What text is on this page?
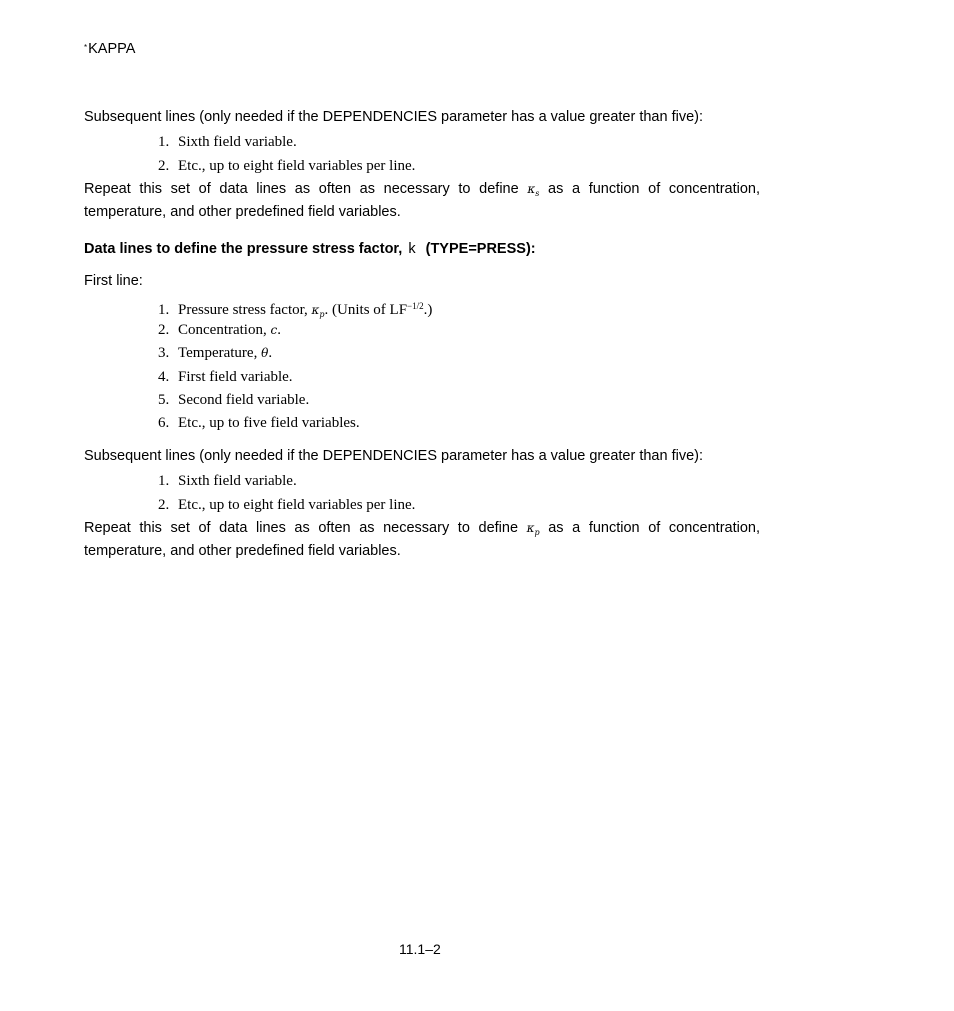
*KAPPA
Subsequent lines (only needed if the DEPENDENCIES parameter has a value greater than five):
1. Sixth field variable.
2. Etc., up to eight field variables per line.
Repeat this set of data lines as often as necessary to define $\kappa_s$ as a function of concentration,
temperature, and other predefined field variables.
Data lines to define the pressure stress factor, k (TYPE=PRESS):
First line:
1. Pressure stress factor, $\kappa_p$. (Units of $LF^{-1/2}$.)
2. Concentration, c.
3. Temperature, θ.
4. First field variable.
5. Second field variable.
6. Etc., up to five field variables.
Subsequent lines (only needed if the DEPENDENCIES parameter has a value greater than five):
1. Sixth field variable.
2. Etc., up to eight field variables per line.
Repeat this set of data lines as often as necessary to define $\kappa_p$ as a function of concentration,
temperature, and other predefined field variables.
11.1–2
